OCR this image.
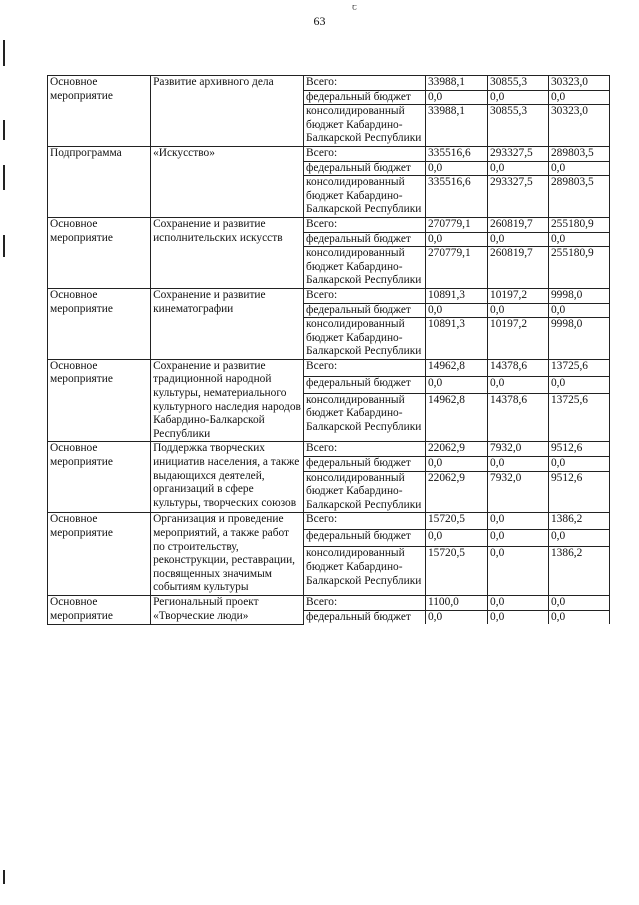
63
ꞇ
Основное мероприятие	Развитие архивного дела	Всего:	33988,1	30855,3	30323,0
		федеральный бюджет	0,0	0,0	0,0
		консолидированный бюджет Кабардино-Балкарской Республики	33988,1	30855,3	30323,0
Подпрограмма	«Искусство»	Всего:	335516,6	293327,5	289803,5
		федеральный бюджет	0,0	0,0	0,0
		консолидированный бюджет Кабардино-Балкарской Республики	335516,6	293327,5	289803,5
Основное мероприятие	Сохранение и развитие исполнительских искусств	Всего:	270779,1	260819,7	255180,9
		федеральный бюджет	0,0	0,0	0,0
		консолидированный бюджет Кабардино-Балкарской Республики	270779,1	260819,7	255180,9
Основное мероприятие	Сохранение и развитие кинематографии	Всего:	10891,3	10197,2	9998,0
		федеральный бюджет	0,0	0,0	0,0
		консолидированный бюджет Кабардино-Балкарской Республики	10891,3	10197,2	9998,0
Основное мероприятие	Сохранение и развитие традиционной народной культуры, нематериального культурного наследия народов Кабардино-Балкарской Республики	Всего:	14962,8	14378,6	13725,6
		федеральный бюджет	0,0	0,0	0,0
		консолидированный бюджет Кабардино-Балкарской Республики	14962,8	14378,6	13725,6
Основное мероприятие	Поддержка творческих инициатив населения, а также выдающихся деятелей, организаций в сфере культуры, творческих союзов	Всего:	22062,9	7932,0	9512,6
		федеральный бюджет	0,0	0,0	0,0
		консолидированный бюджет Кабардино-Балкарской Республики	22062,9	7932,0	9512,6
Основное мероприятие	Организация и проведение мероприятий, а также работ по строительству, реконструкции, реставрации, посвященных значимым событиям культуры	Всего:	15720,5	0,0	1386,2
		федеральный бюджет	0,0	0,0	0,0
		консолидированный бюджет Кабардино-Балкарской Республики	15720,5	0,0	1386,2
Основное мероприятие	Региональный проект «Творческие люди»	Всего:	1100,0	0,0	0,0
		федеральный бюджет	0,0	0,0	0,0
